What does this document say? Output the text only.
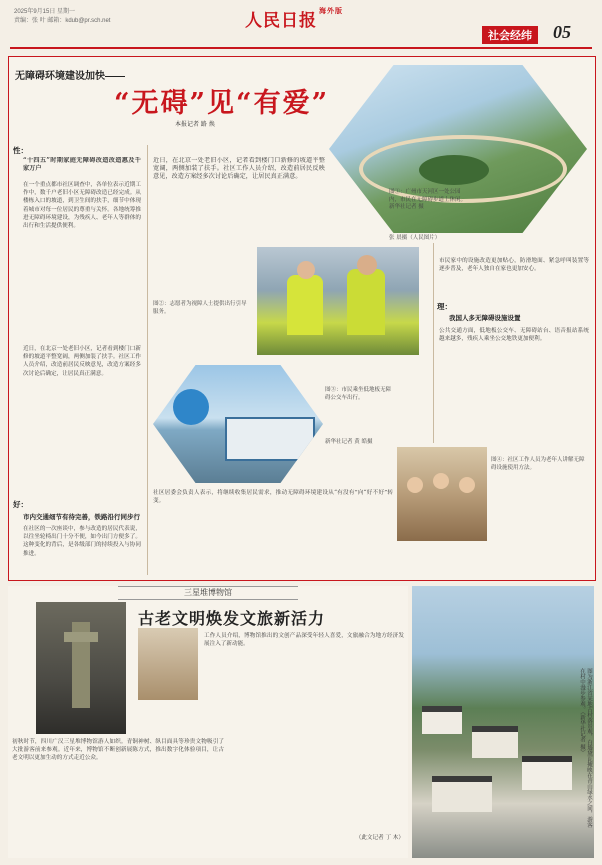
2025年9月15日 星期一
责编：张 叶 邮箱：kdub@pr.sch.net	人民日报$^{海外版}$
社会经纬	05
无障碍环境建设加快——
“无碍”见“有爱”
本报记者 路 焕
图①：广州市天河区一处公园内，市民在无障碍步道上休闲。新华社记者 摄
张 晨摄（人民图片）
性：
“十四五”时期家庭无障碍改造改造惠及千家万户
在一个重点都市社区调查中，各单位表示近期工作中，数千户老旧小区无障碍改造已经完成。从楼栋入口的坡道，到卫生间的扶手，细节中体现着城市对每一位居民的尊重与关怀。各地统筹推进无障碍环境建设，为残疾人、老年人等群体的出行和生活提供便利。
近日，在北京一处老旧小区，记者看到楼门口新修的坡道平整宽阔，两侧加装了扶手。社区工作人员介绍，改造前居民反映意见，改造方案经多次讨论后确定，让居民真正满意。
好：
市内交通细节有待完善，铁路沿行同步行
在社区的一次座谈中，参与改造的居民代表说，以往坐轮椅出门十分不便，如今出门方便多了。这种变化的背后，是各级部门的持续投入与协同推进。
近日，在北京一处老旧小区，记者看到楼门口新修的坡道平整宽阔，两侧加装了扶手。社区工作人员介绍，改造前居民反映意见，改造方案经多次讨论后确定，让居民真正满意。
图②：志愿者为视障人士提供出行引导服务。
图③：市民乘坐低地板无障碍公交车出行。
新华社记者 黄 皓摄
图④：社区工作人员为老年人讲解无障碍设施使用方法。
市民家中的设施改造更加贴心，防滑地面、紧急呼叫装置等逐步普及，老年人独自在家也更加安心。
理：
我国人多无障碍设施设置
公共交通方面，低地板公交车、无障碍站台、语音报站系统越来越多，残疾人乘坐公交地铁更加便利。
社区居委会负责人表示，将继续收集居民需求，推动无障碍环境建设从“有没有”向“好不好”转变。
三星堆博物馆
古老文明焕发文旅新活力
初秋时节，四川广汉三星堆博物馆游人如织。青铜神树、纵目面具等珍贵文物吸引了大批游客前来参观。近年来，博物馆不断创新展陈方式，推出数字化体验项目，让古老文明以更加生动的方式走近公众。
工作人员介绍，博物馆推出的文创产品深受年轻人喜爱，文旅融合为地方经济发展注入了新动能。
（此文记者 丁 木）
图为浙江省某地古村落景观，白墙黛瓦掩映在青山绿水之间，游客在村中漫步参观。（新华社记者 摄）
